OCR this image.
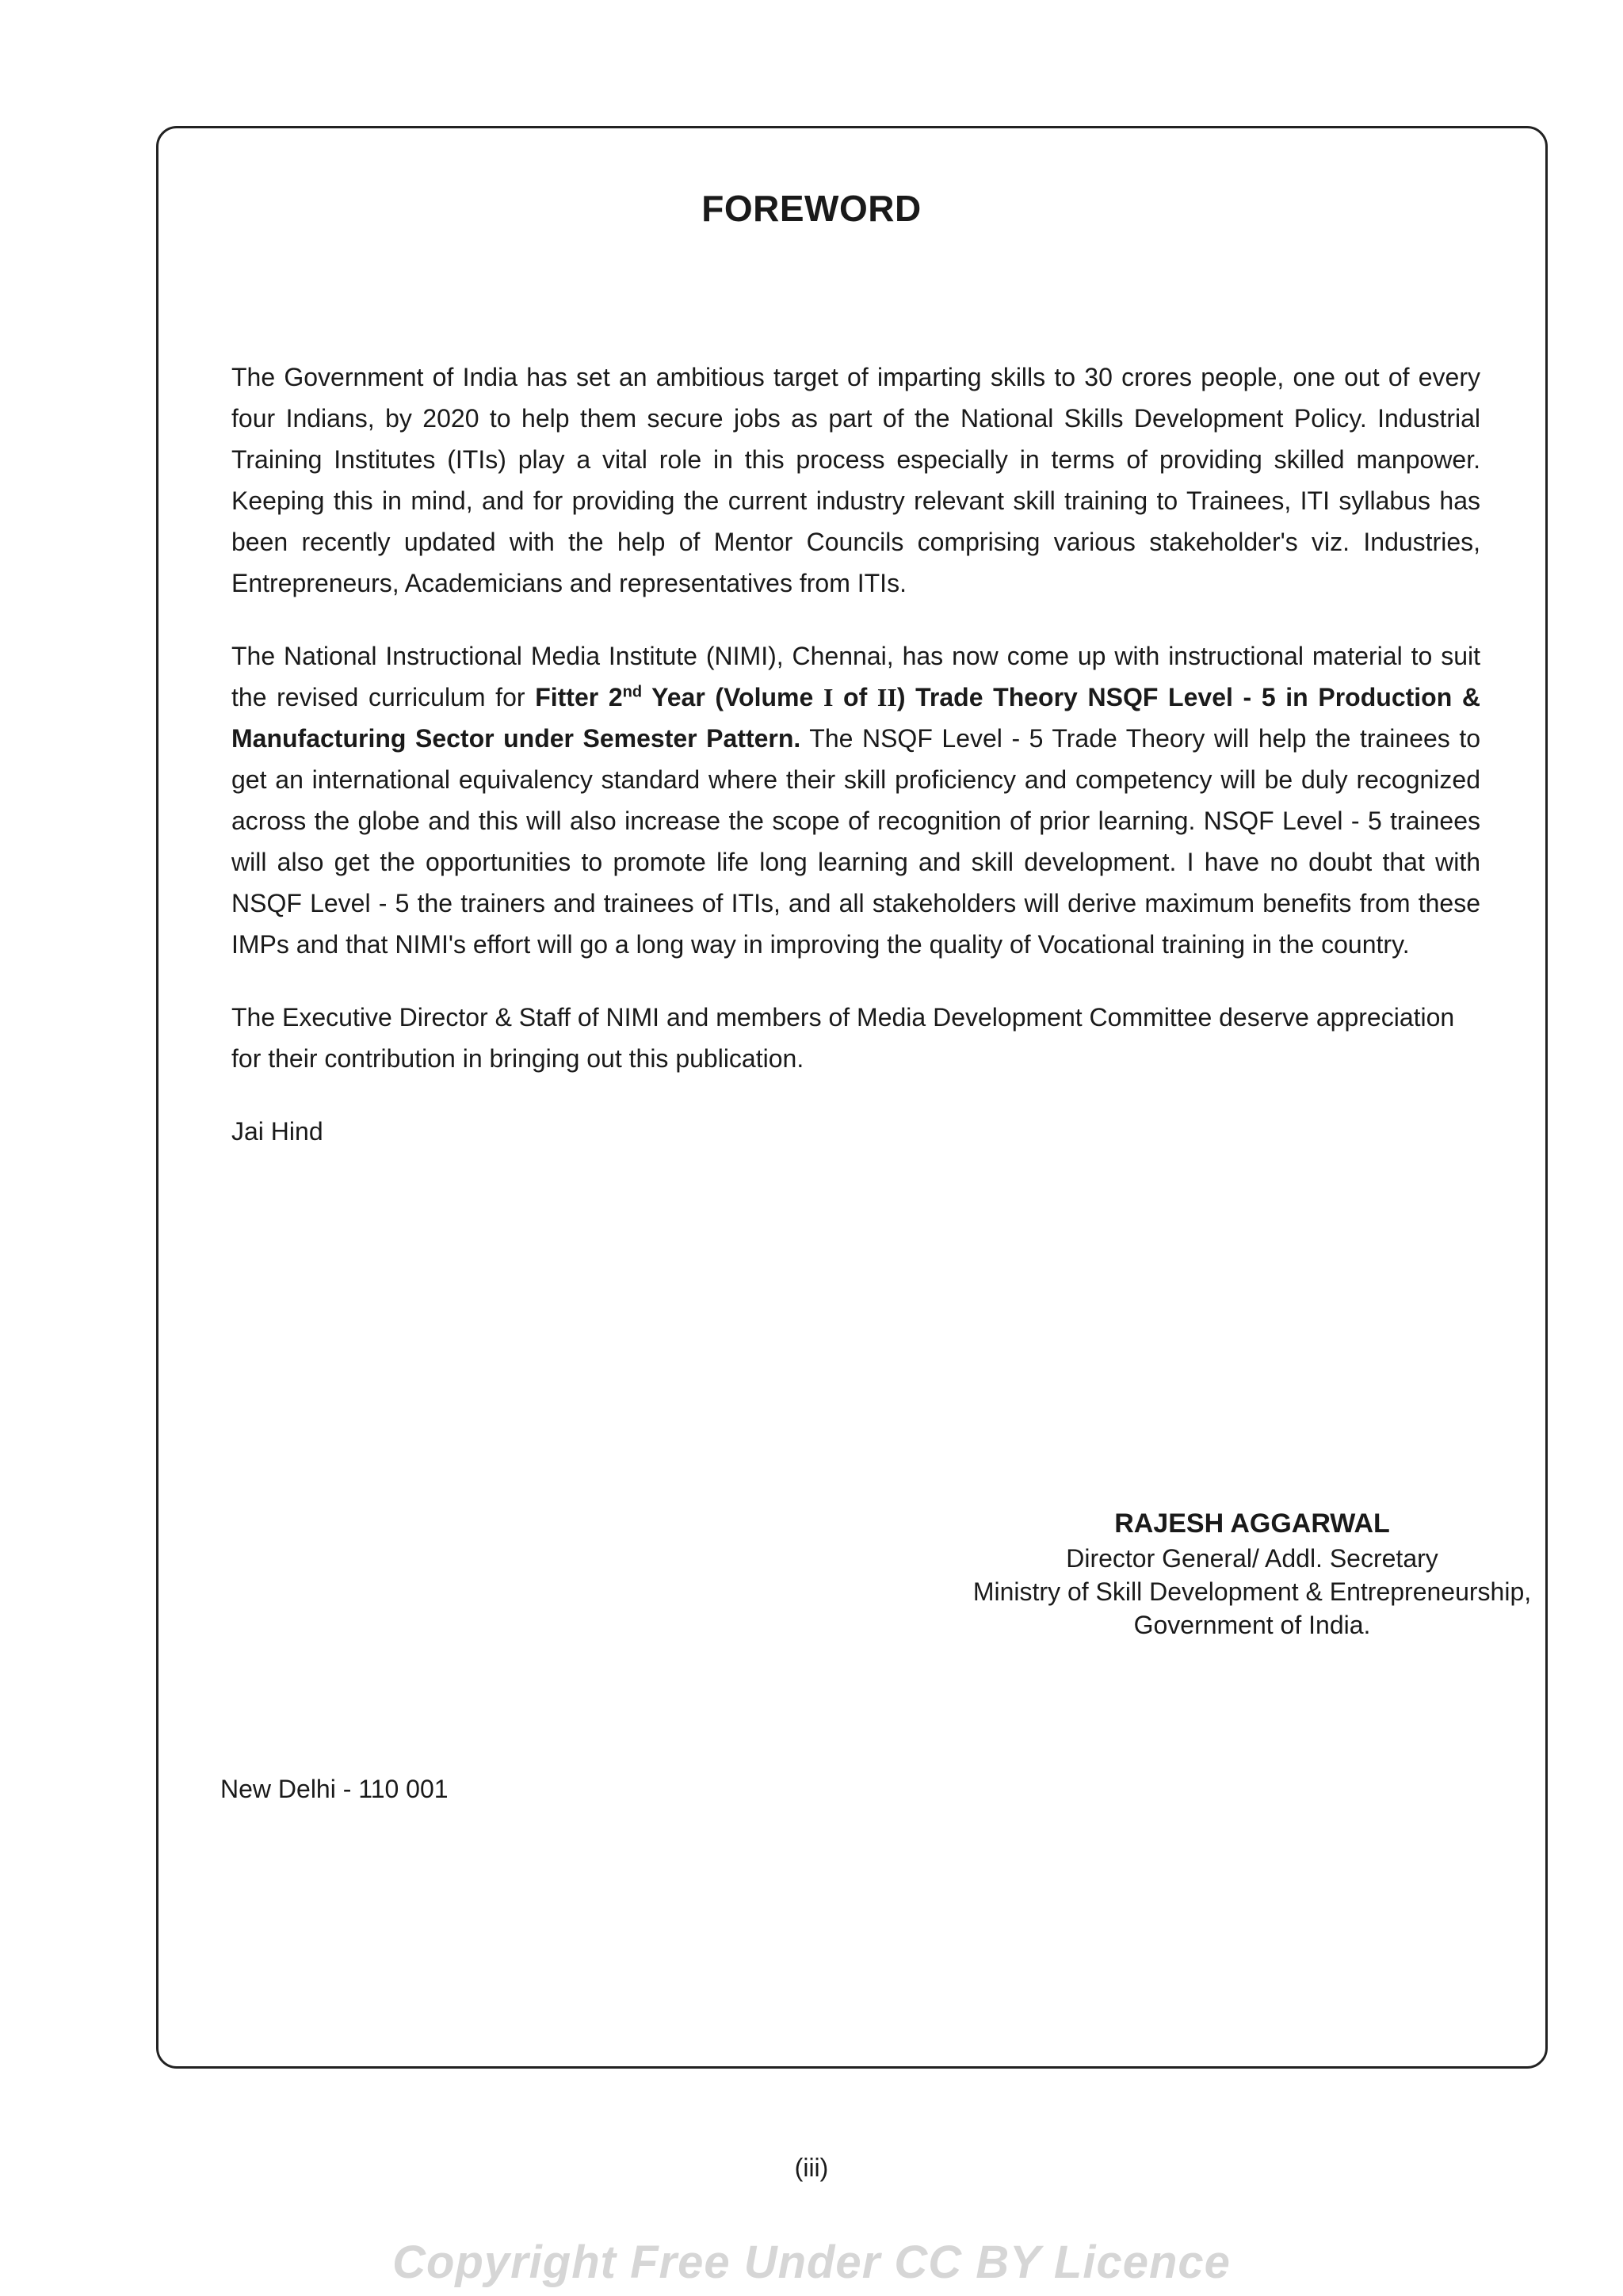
FOREWORD

The Government of India has set an ambitious target of imparting skills to 30 crores people, one out of every four Indians, by 2020 to help them secure jobs as part of the National Skills Development Policy. Industrial Training Institutes (ITIs) play a vital role in this process especially in terms of providing skilled manpower. Keeping this in mind, and for providing the current industry relevant skill training to Trainees, ITI syllabus has been recently updated with the help of Mentor Councils comprising various stakeholder's viz. Industries, Entrepreneurs, Academicians and representatives from ITIs.

The National Instructional Media Institute (NIMI), Chennai, has now come up with instructional material to suit the revised curriculum for Fitter 2nd Year (Volume I of II) Trade Theory NSQF Level - 5 in Production & Manufacturing Sector under Semester Pattern. The NSQF Level - 5 Trade Theory will help the trainees to get an international equivalency standard where their skill proficiency and competency will be duly recognized across the globe and this will also increase the scope of recognition of prior learning. NSQF Level - 5 trainees will also get the opportunities to promote life long learning and skill development. I have no doubt that with NSQF Level - 5 the trainers and trainees of ITIs, and all stakeholders will derive maximum benefits from these IMPs and that NIMI's effort will go a long way in improving the quality of Vocational training in the country.

The Executive Director & Staff of NIMI and members of Media Development Committee deserve appreciation for their contribution in bringing out this publication.

Jai Hind

RAJESH AGGARWAL
Director General/ Addl. Secretary
Ministry of Skill Development & Entrepreneurship,
Government of India.
New Delhi - 110 001
(iii)
Copyright Free Under CC BY Licence
